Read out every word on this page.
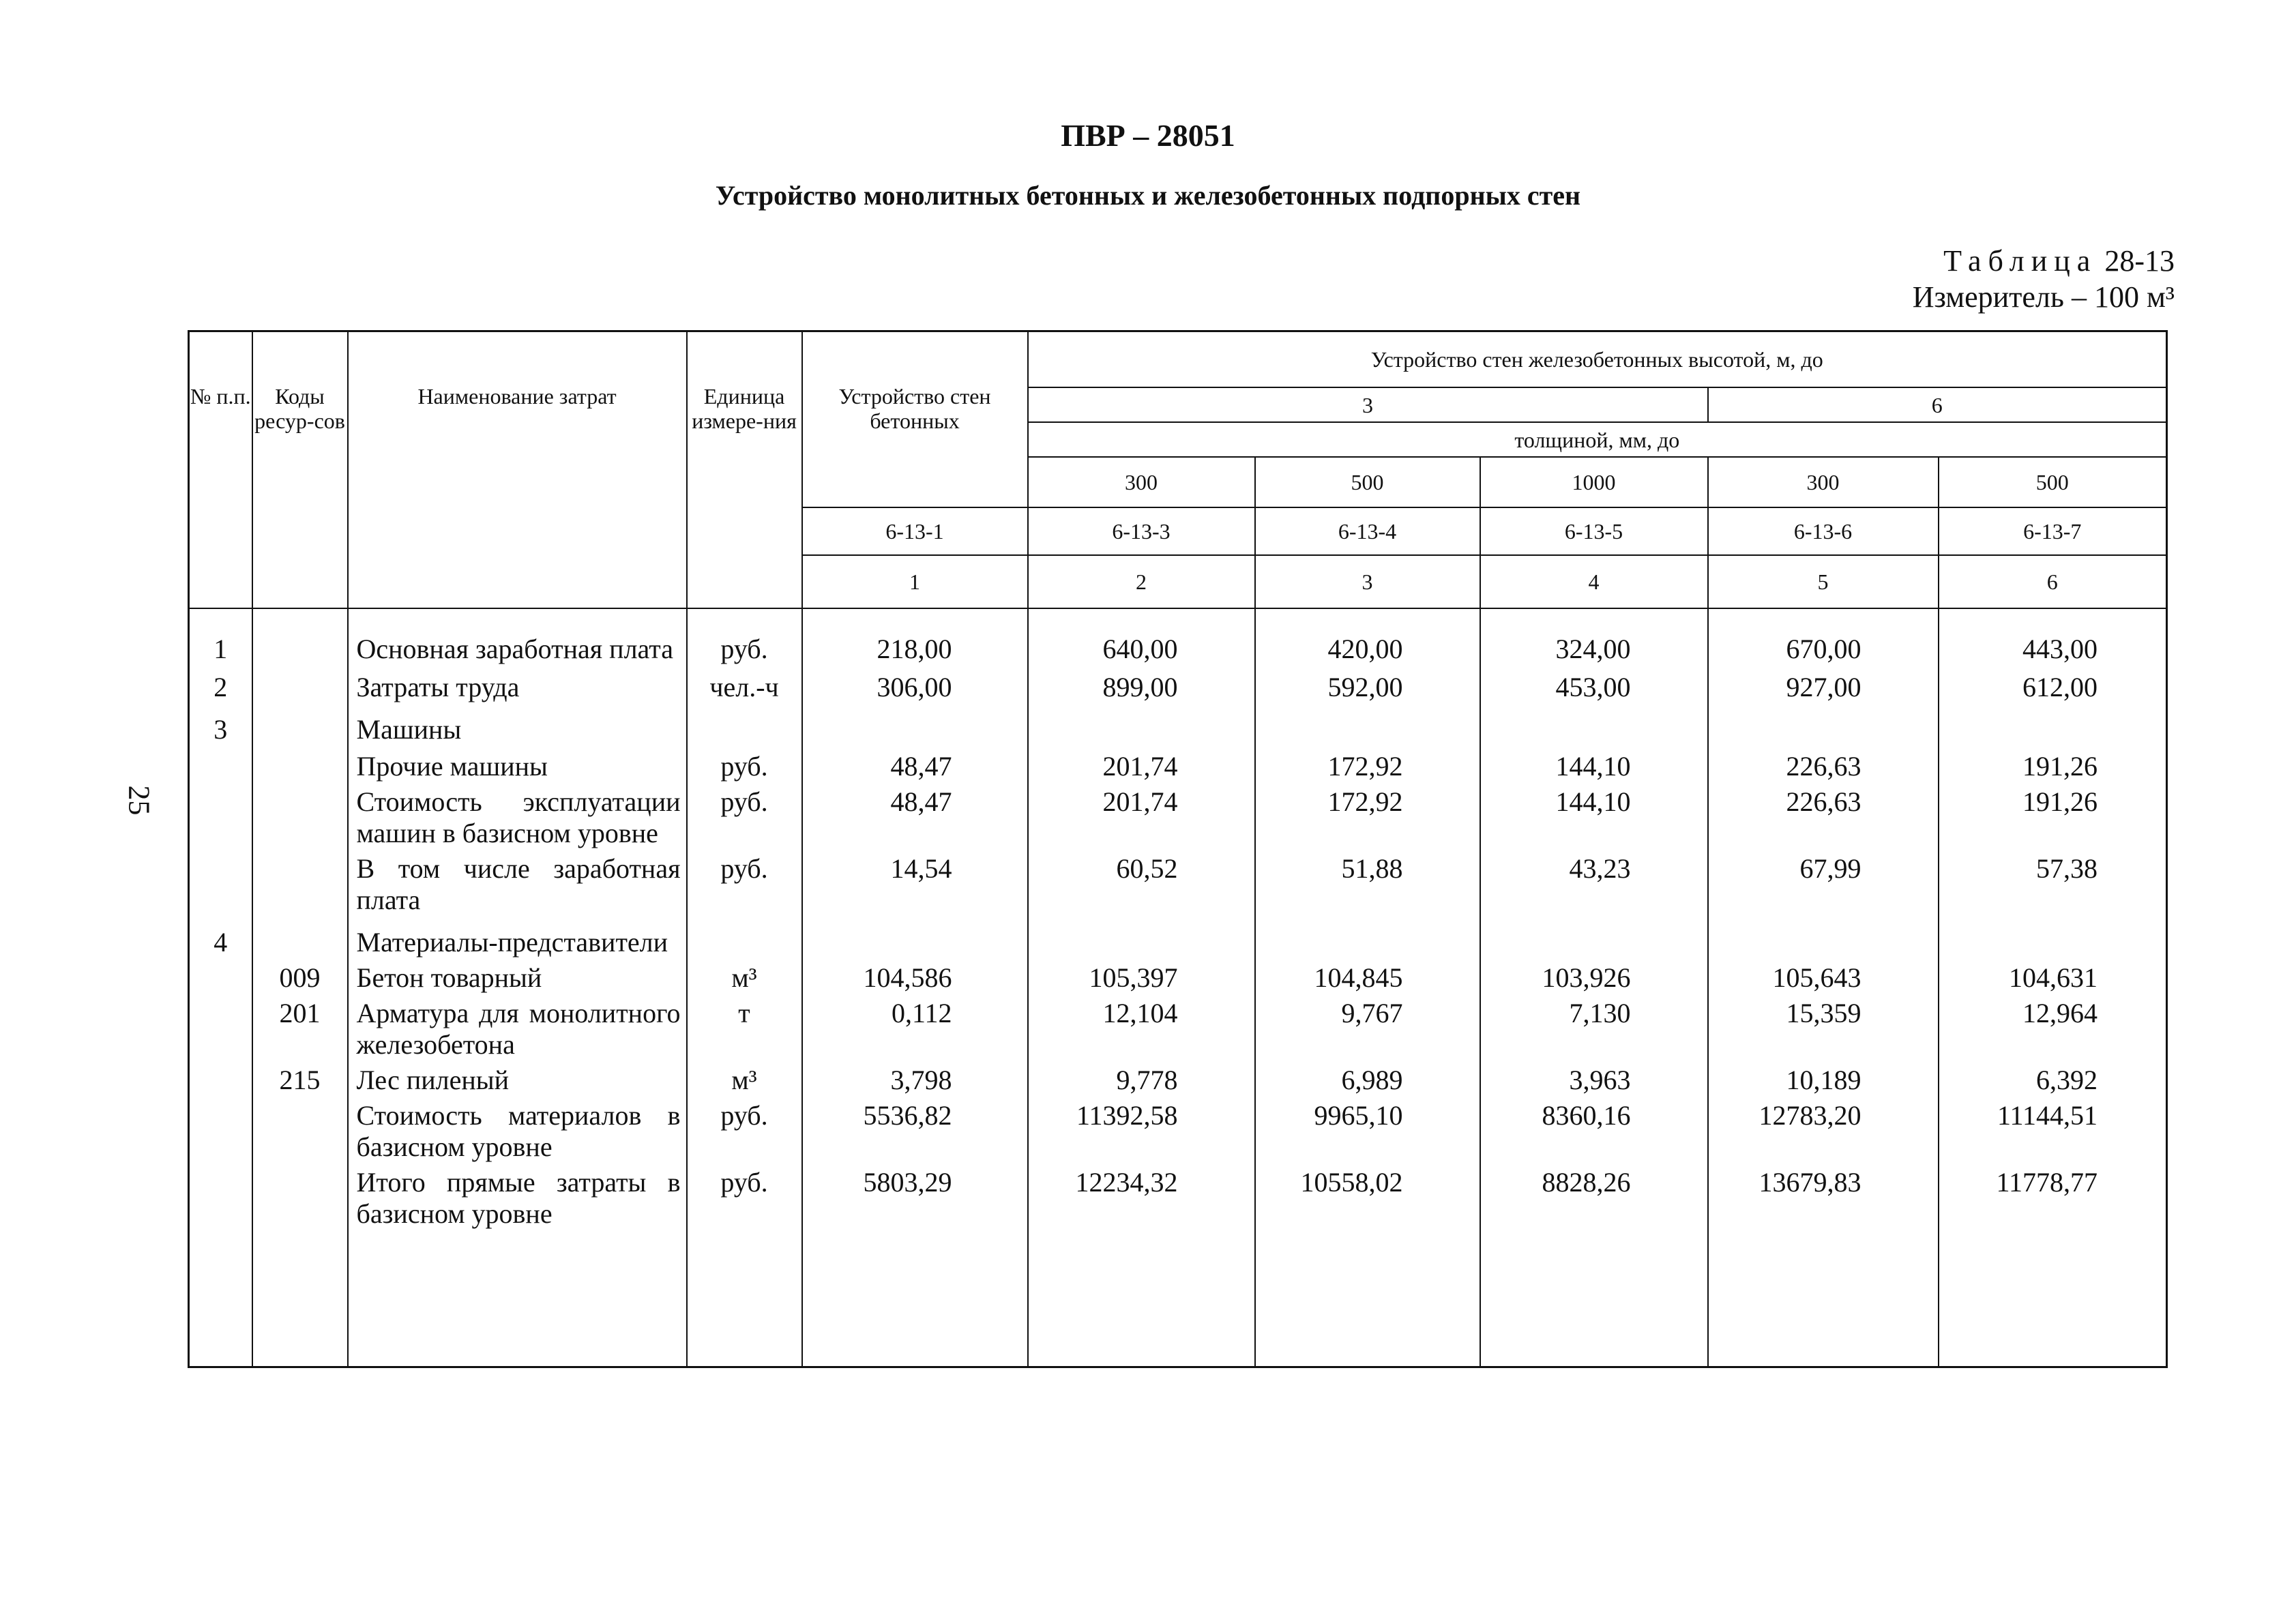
ПВР – 28051
Устройство монолитных бетонных и железобетонных подпорных стен
Таблица 28-13
Измеритель – 100 м³
25
№ п.п.	Коды ресур-сов	Наименование затрат	Единица измере-ния	Устройство стен бетонных	Устройство стен железобетонных высотой, м, до				
					3			6	
					толщиной, мм, до				
					300	500	1000	300	500
				6-13-1	6-13-3	6-13-4	6-13-5	6-13-6	6-13-7
				1	2	3	4	5	6
1		Основная заработная плата	руб.	218,00	640,00	420,00	324,00	670,00	443,00
2		Затраты труда	чел.-ч	306,00	899,00	592,00	453,00	927,00	612,00
3		Машины							
		Прочие машины	руб.	48,47	201,74	172,92	144,10	226,63	191,26
		Стоимость эксплуатации машин в базисном уровне	руб.	48,47	201,74	172,92	144,10	226,63	191,26
		В том числе заработная плата	руб.	14,54	60,52	51,88	43,23	67,99	57,38
4		Материалы-представители							
	009	Бетон товарный	м³	104,586	105,397	104,845	103,926	105,643	104,631
	201	Арматура для монолитного железобетона	т	0,112	12,104	9,767	7,130	15,359	12,964
	215	Лес пиленый	м³	3,798	9,778	6,989	3,963	10,189	6,392
		Стоимость материалов в базисном уровне	руб.	5536,82	11392,58	9965,10	8360,16	12783,20	11144,51
		Итого прямые затраты в базисном уровне	руб.	5803,29	12234,32	10558,02	8828,26	13679,83	11778,77
